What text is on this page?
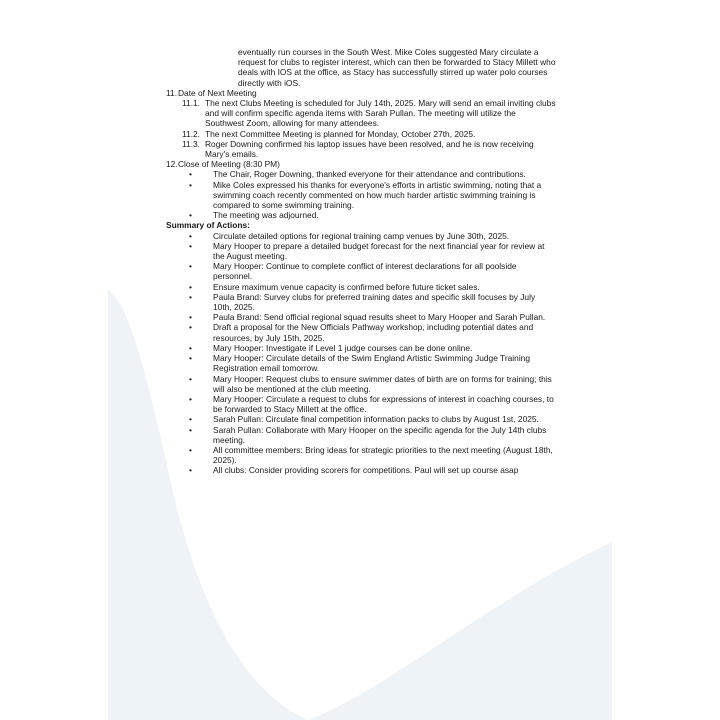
eventually run courses in the South West. Mike Coles suggested Mary circulate a request for clubs to register interest, which can then be forwarded to Stacy Millett who deals with IOS at the office, as Stacy has successfully stirred up water polo courses directly with iOS.

11. Date of Next Meeting
11.1. The next Clubs Meeting is scheduled for July 14th, 2025. Mary will send an email inviting clubs and will confirm specific agenda items with Sarah Pullan. The meeting will utilize the Southwest Zoom, allowing for many attendees.
11.2. The next Committee Meeting is planned for Monday, October 27th, 2025.
11.3. Roger Downing confirmed his laptop issues have been resolved, and he is now receiving Mary's emails.
12. Close of Meeting (8:30 PM)
•	The Chair, Roger Downing, thanked everyone for their attendance and contributions.
•	Mike Coles expressed his thanks for everyone's efforts in artistic swimming, noting that a swimming coach recently commented on how much harder artistic swimming training is compared to some swimming training.
•	The meeting was adjourned.

Summary of Actions:

•	Circulate detailed options for regional training camp venues by June 30th, 2025.
•	Mary Hooper to prepare a detailed budget forecast for the next financial year for review at the August meeting.
•	Mary Hooper: Continue to complete conflict of interest declarations for all poolside personnel.
•	Ensure maximum venue capacity is confirmed before future ticket sales.
•	Paula Brand: Survey clubs for preferred training dates and specific skill focuses by July 10th, 2025.
•	Paula Brand: Send official regional squad results sheet to Mary Hooper and Sarah Pullan.
•	Draft a proposal for the New Officials Pathway workshop, including potential dates and resources, by July 15th, 2025.
•	Mary Hooper: Investigate if Level 1 judge courses can be done online.
•	Mary Hooper: Circulate details of the Swim England Artistic Swimming Judge Training Registration email tomorrow.
•	Mary Hooper: Request clubs to ensure swimmer dates of birth are on forms for training; this will also be mentioned at the club meeting.
•	Mary Hooper: Circulate a request to clubs for expressions of interest in coaching courses, to be forwarded to Stacy Millett at the office.
•	Sarah Pullan: Circulate final competition information packs to clubs by August 1st, 2025.
•	Sarah Pullan: Collaborate with Mary Hooper on the specific agenda for the July 14th clubs meeting.
•	All committee members: Bring ideas for strategic priorities to the next meeting (August 18th, 2025).
•	All clubs: Consider providing scorers for competitions. Paul will set up course asap
